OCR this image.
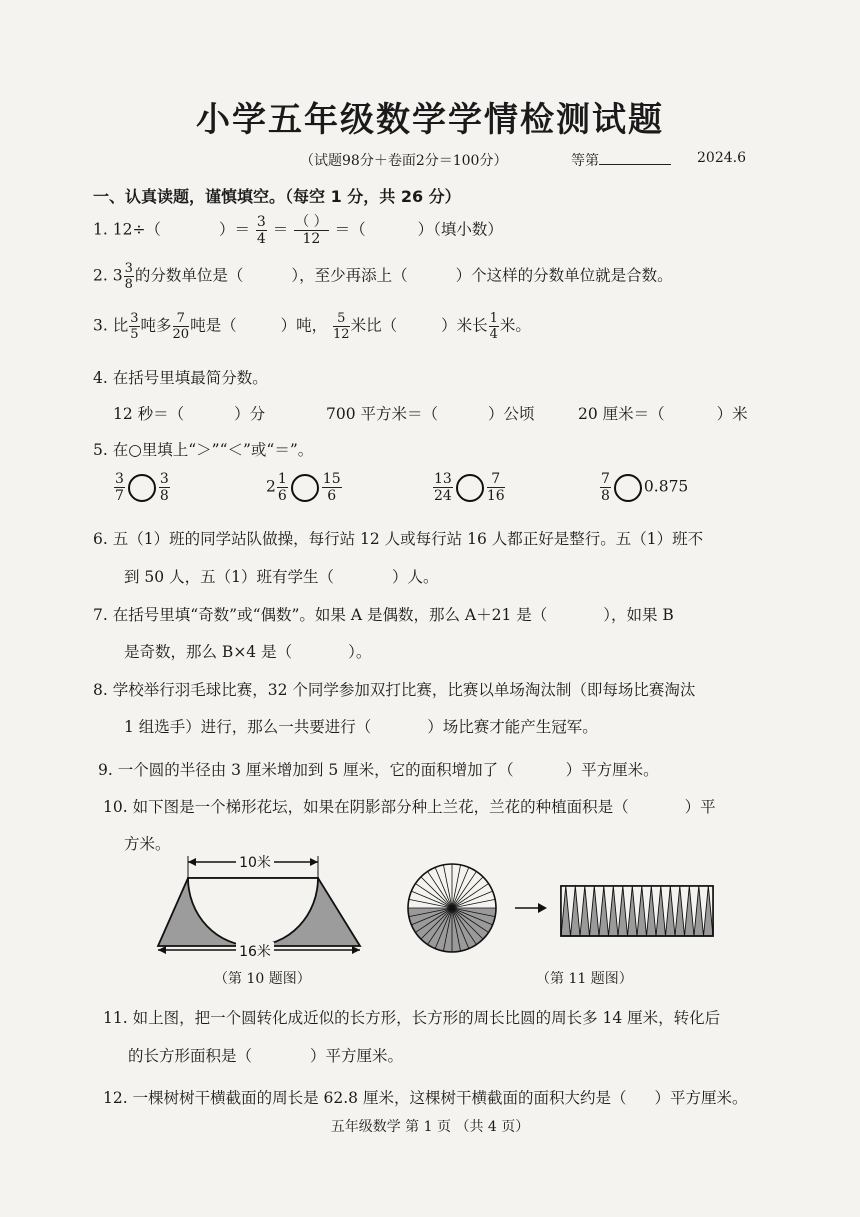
小学五年级数学学情检测试题
（试题98分＋卷面2分＝100分）	等第	2024.6
一、认真读题，谨慎填空。（每空 1 分，共 26 分）
1. 12÷（	）＝ $\frac{3}{4} = \frac{( )}{12}$ ＝（	）（填小数）
2. $3 \frac{3}{8}$ 的分数单位是（	），至少再添上（	）个这样的分数单位就是合数。
3. 比 $\frac{3}{5}$ 吨多 $\frac{7}{20}$ 吨是（	）吨， $\frac{5}{12}$ 米比（	）米长 $\frac{1}{4}$ 米。
4. 在括号里填最简分数。
12 秒＝（	）分	700 平方米＝（	）公顷	20 厘米＝（	）米
5. 在○里填上“＞”“＜”或“＝”。
$\frac{3}{7} \frac{3}{8}$	$2 \frac{1}{6} \frac{15}{6}$	$\frac{13}{24} \frac{7}{16}$	$\frac{7}{8} 0.875$
6. 五（1）班的同学站队做操，每行站 12 人或每行站 16 人都正好是整行。五（1）班不
到 50 人，五（1）班有学生（	）人。
7. 在括号里填“奇数”或“偶数”。如果 A 是偶数，那么 A＋21 是（	），如果 B
是奇数，那么 B×4 是（	）。
8. 学校举行羽毛球比赛，32 个同学参加双打比赛，比赛以单场淘汰制（即每场比赛淘汰
1 组选手）进行，那么一共要进行（	）场比赛才能产生冠军。
9. 一个圆的半径由 3 厘米增加到 5 厘米，它的面积增加了（	）平方厘米。
10. 如下图是一个梯形花坛，如果在阴影部分种上兰花，兰花的种植面积是（	）平
方米。
10米
16米
（第 10 题图）	（第 11 题图）
11. 如上图，把一个圆转化成近似的长方形，长方形的周长比圆的周长多 14 厘米，转化后
的长方形面积是（	）平方厘米。
12. 一棵树树干横截面的周长是 62.8 厘米，这棵树干横截面的面积大约是（ ）平方厘米。
五年级数学 第 1 页 （共 4 页）
